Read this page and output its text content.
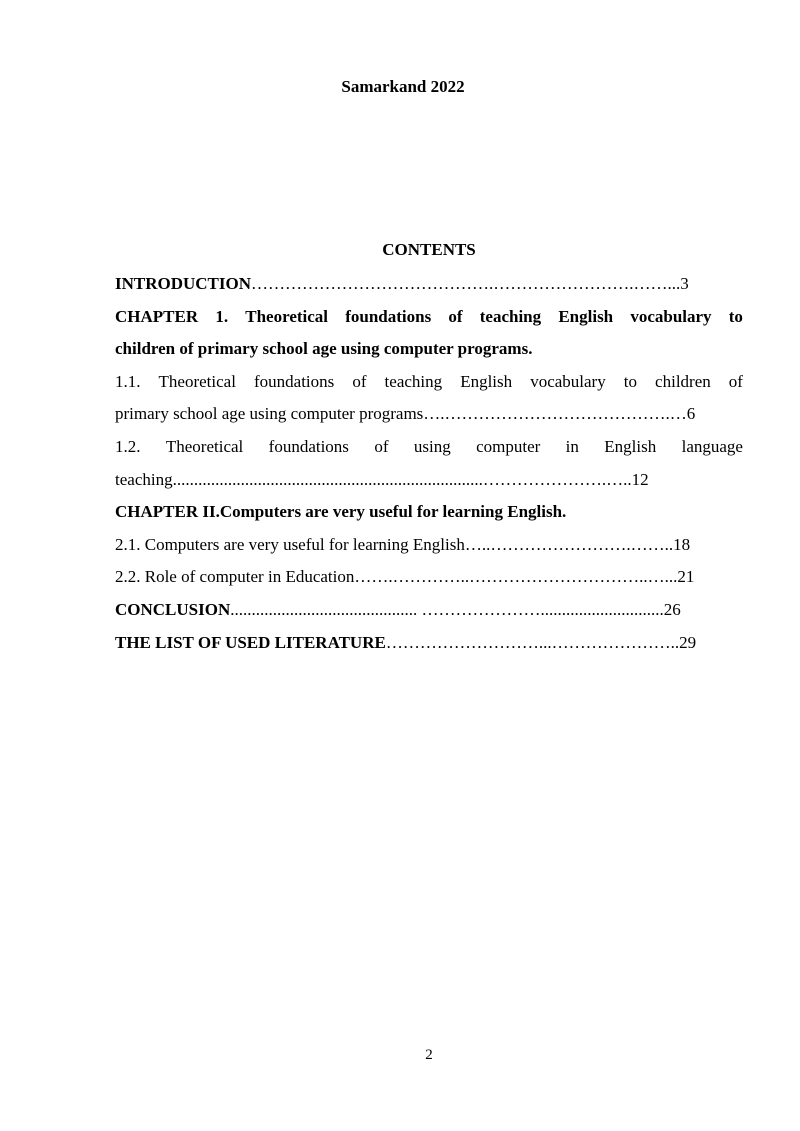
Samarkand 2022
CONTENTS
INTRODUCTION…………………………………….…………………….……...3
CHAPTER 1. Theoretical foundations of teaching English vocabulary to
children of primary school age using computer programs.
1.1. Theoretical foundations of teaching English vocabulary to children of
primary school age using computer programs….………………………………….…6
1.2. Theoretical foundations of using computer in English language
teaching.........................................................................………………….…..12
CHAPTER II.Computers are very useful for learning English.
2.1. Computers are very useful for learning English…..…………………….……..18
2.2. Role of computer in Education…….…………..…………………………..…...21
CONCLUSION............................................ ………………….............................26
THE LIST OF USED LITERATURE………………………...…………………..29
2
